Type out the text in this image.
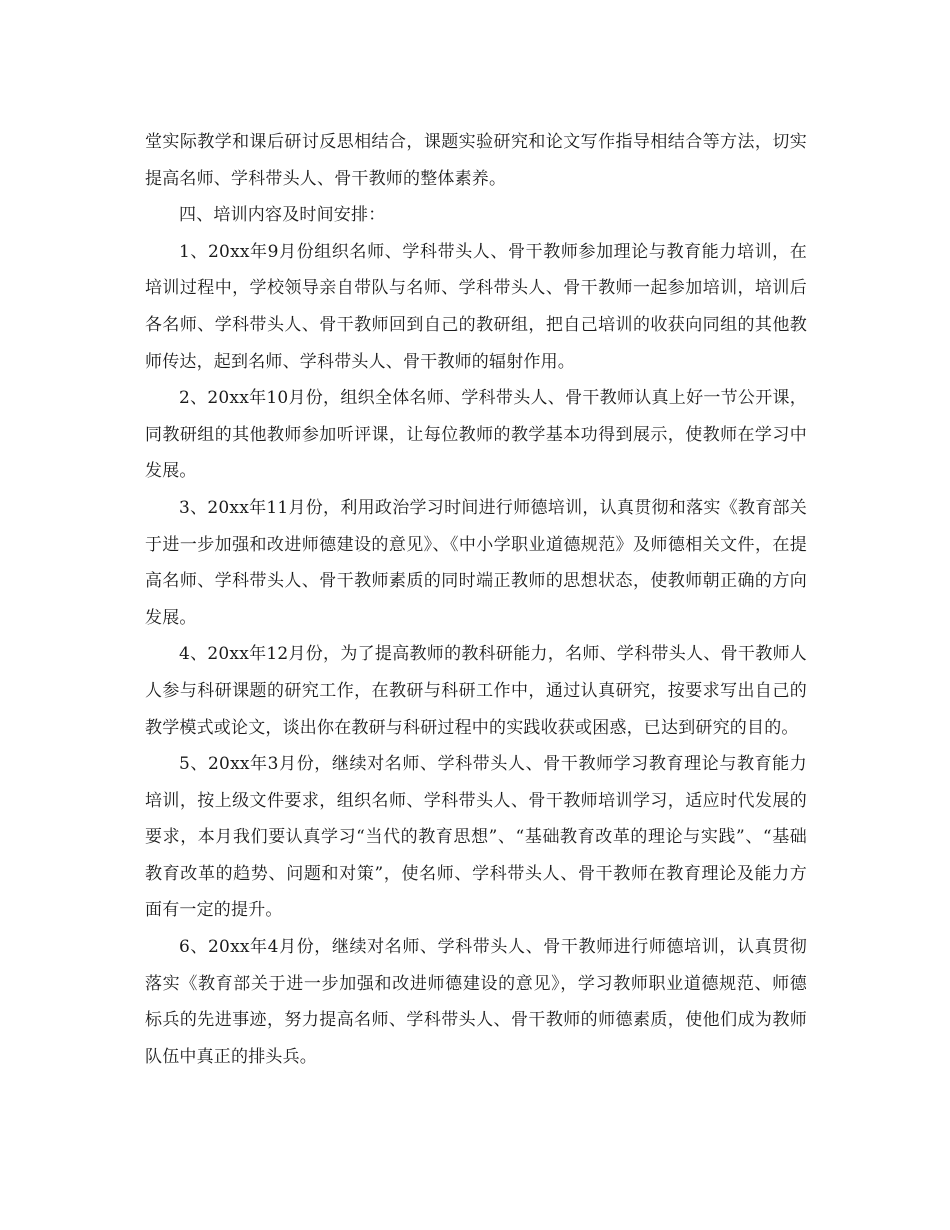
堂实际教学和课后研讨反思相结合，课题实验研究和论文写作指导相结合等方法，切实提高名师、学科带头人、骨干教师的整体素养。

四、培训内容及时间安排：

1、20xx年9月份组织名师、学科带头人、骨干教师参加理论与教育能力培训，在培训过程中，学校领导亲自带队与名师、学科带头人、骨干教师一起参加培训，培训后各名师、学科带头人、骨干教师回到自己的教研组，把自己培训的收获向同组的其他教师传达，起到名师、学科带头人、骨干教师的辐射作用。

2、20xx年10月份，组织全体名师、学科带头人、骨干教师认真上好一节公开课，同教研组的其他教师参加听评课，让每位教师的教学基本功得到展示，使教师在学习中发展。

3、20xx年11月份，利用政治学习时间进行师德培训，认真贯彻和落实《教育部关于进一步加强和改进师德建设的意见》、《中小学职业道德规范》及师德相关文件，在提高名师、学科带头人、骨干教师素质的同时端正教师的思想状态，使教师朝正确的方向发展。

4、20xx年12月份，为了提高教师的教科研能力，名师、学科带头人、骨干教师人人参与科研课题的研究工作，在教研与科研工作中，通过认真研究，按要求写出自己的教学模式或论文，谈出你在教研与科研过程中的实践收获或困惑，已达到研究的目的。

5、20xx年3月份，继续对名师、学科带头人、骨干教师学习教育理论与教育能力培训，按上级文件要求，组织名师、学科带头人、骨干教师培训学习，适应时代发展的要求，本月我们要认真学习“当代的教育思想”、“基础教育改革的理论与实践”、“基础教育改革的趋势、问题和对策”，使名师、学科带头人、骨干教师在教育理论及能力方面有一定的提升。

6、20xx年4月份，继续对名师、学科带头人、骨干教师进行师德培训，认真贯彻落实《教育部关于进一步加强和改进师德建设的意见》，学习教师职业道德规范、师德标兵的先进事迹，努力提高名师、学科带头人、骨干教师的师德素质，使他们成为教师队伍中真正的排头兵。
